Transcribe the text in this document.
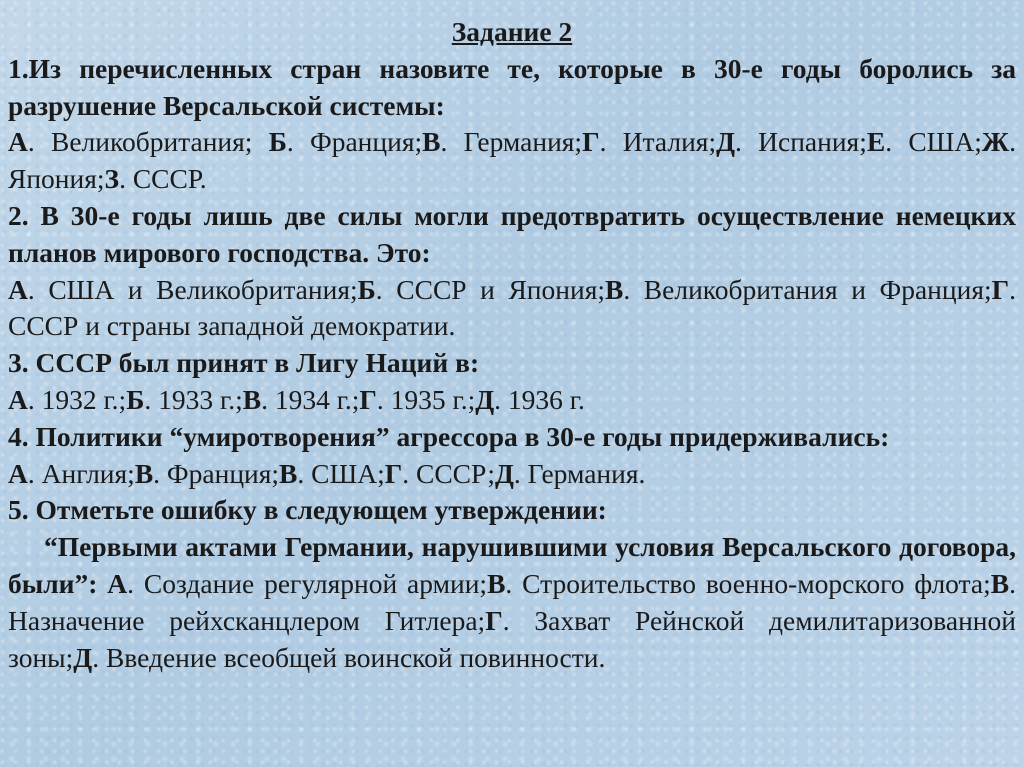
Задание 2
1.Из перечисленных стран назовите те, которые в 30-е годы боролись за разрушение Версальской системы:
А. Великобритания; Б. Франция;В. Германия;Г. Италия;Д. Испания;Е. США;Ж. Япония;З. СССР.
2. В 30-е годы лишь две силы могли предотвратить осуществление немецких планов мирового господства. Это:
А. США и Великобритания;Б. СССР и Япония;В. Великобритания и Франция;Г. СССР и страны западной демократии.
3. СССР был принят в Лигу Наций в:
А. 1932 г.;Б. 1933 г.;В. 1934 г.;Г. 1935 г.;Д. 1936 г.
4. Политики “умиротворения” агрессора в 30-е годы придерживались:
А. Англия;В. Франция;В. США;Г. СССР;Д. Германия.
5. Отметьте ошибку в следующем утверждении:
“Первыми актами Германии, нарушившими условия Версальского договора, были”: А. Создание регулярной армии;В. Строительство военно-морского флота;В. Назначение рейхсканцлером Гитлера;Г. Захват Рейнской демилитаризованной зоны;Д. Введение всеобщей воинской повинности.
